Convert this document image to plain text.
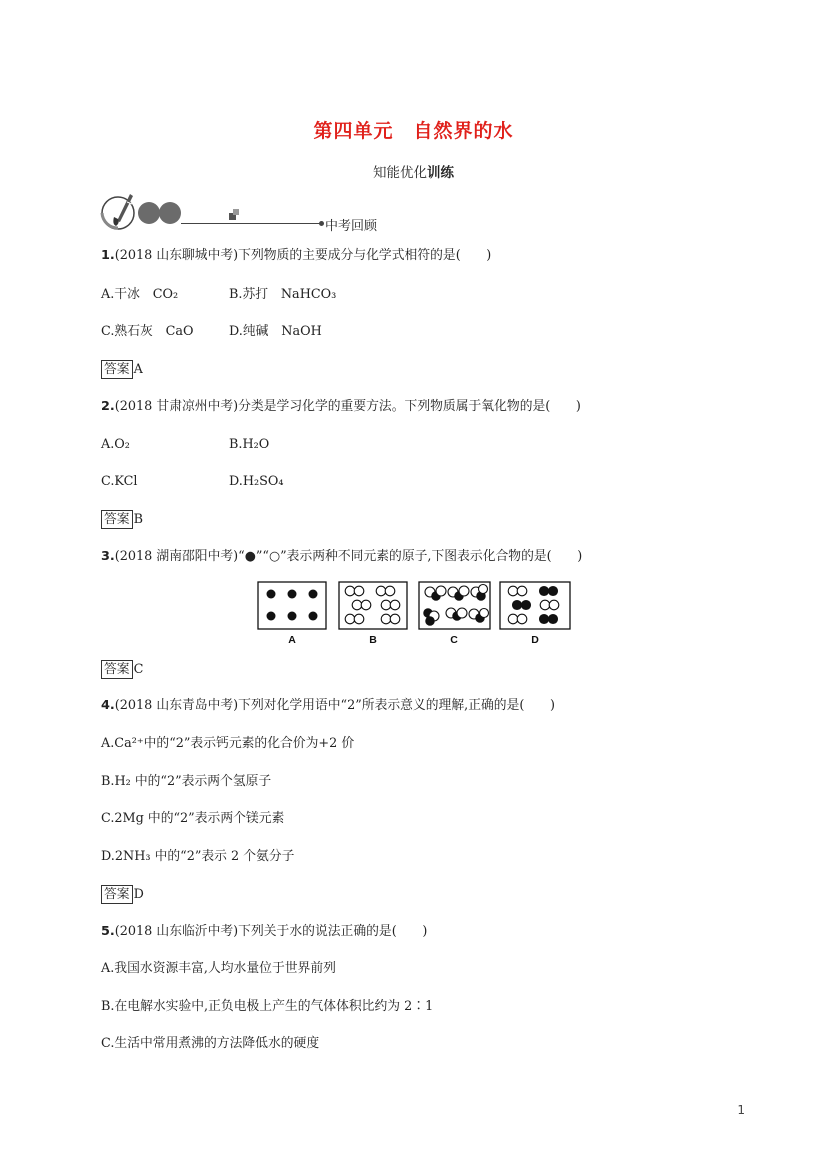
第四单元　自然界的水
知能优化训练
中考回顾
1.(2018 山东聊城中考)下列物质的主要成分与化学式相符的是(　　)
A.干冰　CO₂	B.苏打　NaHCO₃
C.熟石灰　CaO	D.纯碱　NaOH
答案 A
2.(2018 甘肃凉州中考)分类是学习化学的重要方法。下列物质属于氧化物的是(　　)
A.O₂	B.H₂O
C.KCl	D.H₂SO₄
答案 B
3.(2018 湖南邵阳中考)“●”“○”表示两种不同元素的原子,下图表示化合物的是(　　)
A	B	C	D
答案 C
4.(2018 山东青岛中考)下列对化学用语中“2”所表示意义的理解,正确的是(　　)
A.Ca²⁺中的“2”表示钙元素的化合价为+2 价
B.H₂ 中的“2”表示两个氢原子
C.2Mg 中的“2”表示两个镁元素
D.2NH₃ 中的“2”表示 2 个氨分子
答案 D
5.(2018 山东临沂中考)下列关于水的说法正确的是(　　)
A.我国水资源丰富,人均水量位于世界前列
B.在电解水实验中,正负电极上产生的气体体积比约为 2∶1
C.生活中常用煮沸的方法降低水的硬度
1
